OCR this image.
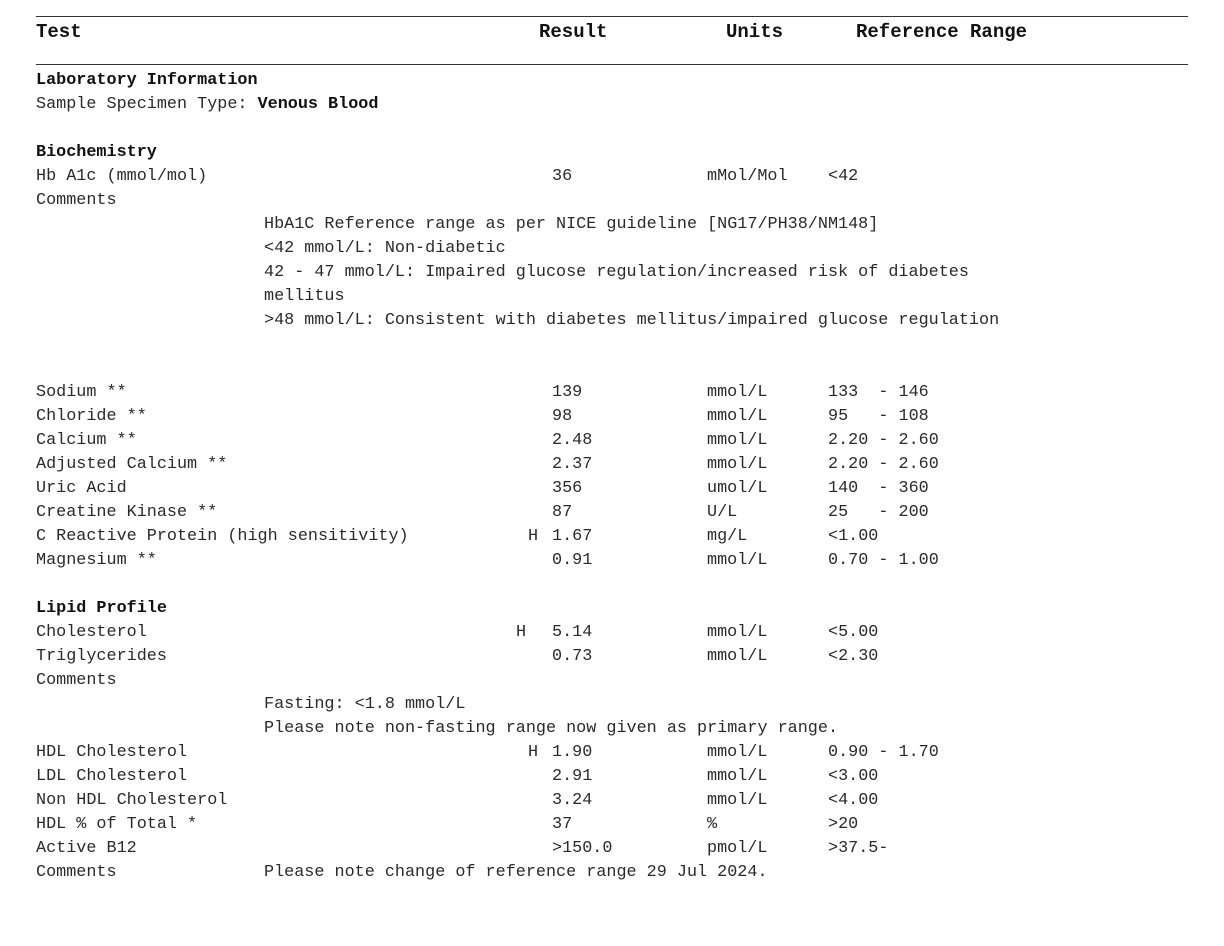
Test	Result	Units	Reference Range
Laboratory Information
Sample Specimen Type: Venous Blood
Biochemistry
Hb A1c (mmol/mol)	36	mMol/Mol <42
Comments
HbA1C Reference range as per NICE guideline [NG17/PH38/NM148]
<42 mmol/L: Non-diabetic
42 - 47 mmol/L: Impaired glucose regulation/increased risk of diabetes
mellitus
>48 mmol/L: Consistent with diabetes mellitus/impaired glucose regulation
Sodium **	139	mmol/L	133  - 146
Chloride **	98	mmol/L	95   - 108
Calcium **	2.48	mmol/L	2.20 - 2.60
Adjusted Calcium **	2.37	mmol/L	2.20 - 2.60
Uric Acid	356	umol/L	140  - 360
Creatine Kinase **	87	U/L	25   - 200
C Reactive Protein (high sensitivity)	H 1.67	mg/L	<1.00
Magnesium **	0.91	mmol/L	0.70 - 1.00
Lipid Profile
Cholesterol	H 5.14	mmol/L	<5.00
Triglycerides	0.73	mmol/L	<2.30
Comments
Fasting: <1.8 mmol/L
Please note non-fasting range now given as primary range.
HDL Cholesterol	H 1.90	mmol/L	0.90 - 1.70
LDL Cholesterol	2.91	mmol/L	<3.00
Non HDL Cholesterol	3.24	mmol/L	<4.00
HDL % of Total *	37	%	>20
Active B12	>150.0	pmol/L	>37.5-
Comments	Please note change of reference range 29 Jul 2024.
